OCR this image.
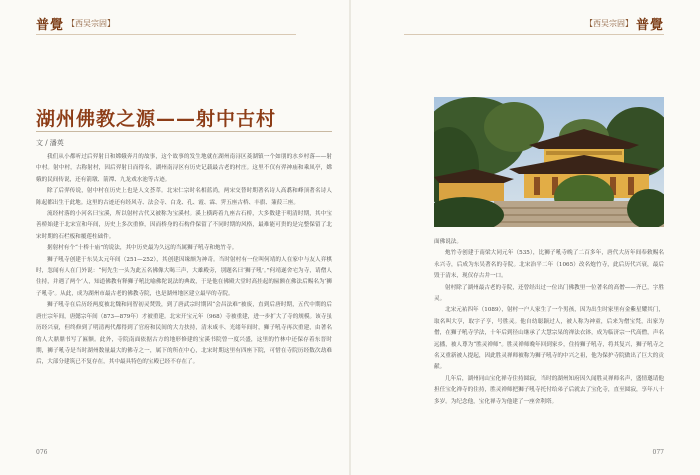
普覺 【西吴宗固】	【西吴宗固】 普覺
湖州佛教之源——射中古村
文 / 潘英

我们从小都听过后羿射日和嫦娥奔月的故事，这个故事的发生地就在湖州南浔区菱湖镇一个如朋的水乡村落——射中村。射中村，古称射村，因后羿射日而得名，湖州南浔区有历史记载最古老的村庄。这里不仅有羿神庙和乘凤亭，嫦娥的民间传说，还有箭墩、箭潭、九龙戏水池等古迹。

除了后羿传说，射中村在历史上也是人文荟萃。北宋仁宗时名相蓝尚，两宋交替时期著名诗人高翥和峰顶著名诗人陈起都出生于此地。这里的古迹还有经风寺、法会寺、白龙、孔、霞、霖、霁五座古桥、丰旗、蒹葭三座。

流经村落的小河名曰宝溪，所以射村古代又被称为宝溪村。溪上横跨着九座古石桥，大多数建于明清时期，其中宝善桥始建于北宋宣和年间，历史上多次重修，因而桥身的石构件保留了不同时期的风格，最难能可贵的是完整保留了北宋时期的石栏板和覆莲柱础件。

据射村有个“十桥十庙”的说法，其中历史最为久远的当属狮子吼寺和炮竹寺。

狮子吼寺创建于东吴太元年间（251—252），其创建因缘颇为神奇。当时射村有一位叫何靖的人在家中与友人弈棋时，忽闻有人在门外说：“何先生一头为此五名佛像大喝三声，大雄殿旁，别题名曰‘狮子吼’。”何靖遂舍宅为寺，请僧人住持，并遇了两个‘人，知道佛教有释狮子吼比喻佛陀说法的典故，于是他在佛殿大堂时高挂起的匾额在佛法后赐名为‘狮子吼寺’。从此，成为湖州市最古老的佛教寺院，也是湖州地区建立最早的寺院。

狮子吼寺在后历经两度被北魏和同智初灵焚毁，到了唐武宗时期因“会昌法难”被废，直到后唐时期，五代中期的后唐庄宗年间，唐懿宗年间（873—879年）才被重建。北宋开宝元年（968）寺被重建，进一步扩大了寺的规模。该寺虽历经兴衰，但终修到了明清两代都得到了官府和民间的大力扶持，清末咸丰、光绪年间时，狮子吼寺再次重建，由著名的人大鼎鼎书写了匾额。此外，寺院南面依据古方的地形修建的宝溪书院曾一度兴盛，这里的竹林中还保存着东晋时期，狮子吼寺是当时湖州数量最大的佛寺之一，属下的所在中心，北宋时期这里有四座下院，可惜在寺院历经数次劫难后，大部分建筑已不复存在，其中最具特色的宝殿已经不存在了。

面佛说法。

炮竹寺创建于南梁大同元年（535），比狮子吼寺晚了二百多年，唐代大历年间奉敕赐名永兴寺，后成为东吴著名的寺院。北宋治平二年（1065）改名炮竹寺，此后历代兴衰，最后毁于清末，现仅存古井一口。

射村除了湖州最古老的寺院，还曾经出过一位出门佛教里一位著名的高僧——齐已，字胜灵。

北宋元祐四年（1089），射村一户人家生了一个男孩，因为出生时家里有金紫星耀其门，取名叫大亨，取字子亨，号胜灵。他自幼聪颖过人，被人称为神童，后来为僧宝梵，出家为僧，在狮子吼寺学法，十年后到径山继承了大慧宗杲的禅法衣钵，成为临济宗一代高僧，声名远播，被人尊为“胜灵禅师”。胜灵禅师晚年回到家乡，住持狮子吼寺，将其复兴，狮子吼寺之名又重新被人提起，因此胜灵禅师被称为狮子吼寺的中兴之祖，他为保护寺院做出了巨大的贡献。

几年后，湖州同山宝化禅寺住持圆寂，当时的湖州知府因久闻胜灵禅师名声，盛情邀请他担任宝化禅寺的住持，胜灵禅师把狮子吼寺托付给弟子后就去了宝化寺，直至圆寂，享年八十多岁。为纪念他，宝化禅寺为他建了一座舍利塔。

076	077
